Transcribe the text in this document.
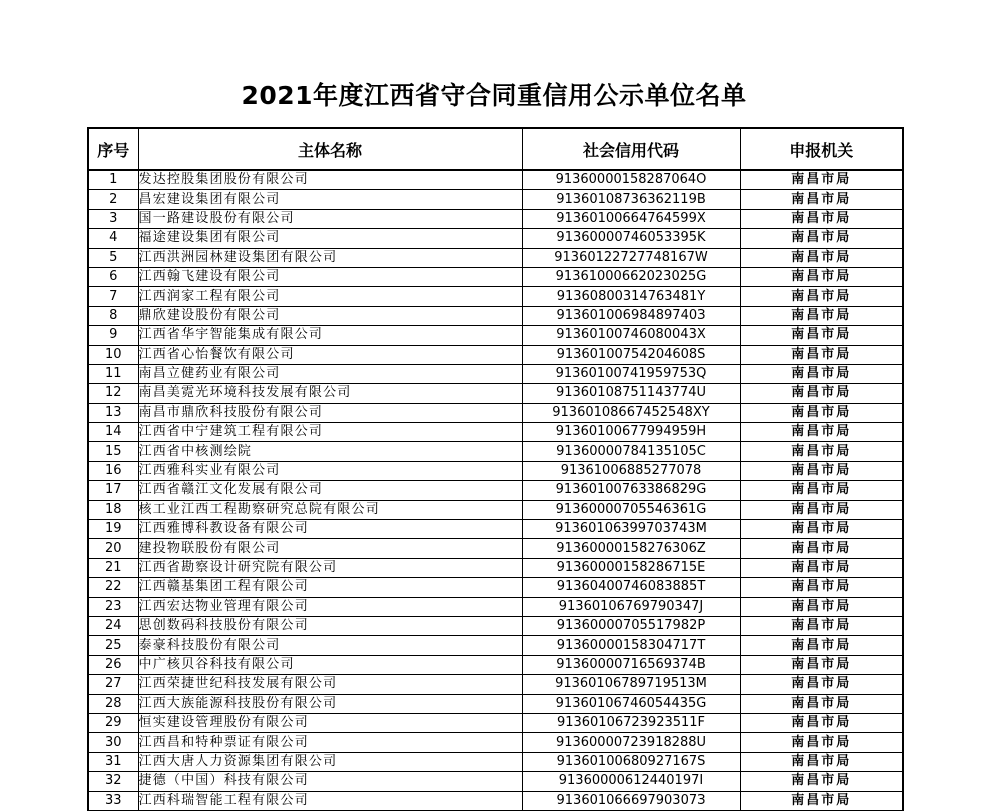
2021年度江西省守合同重信用公示单位名单
序号	主体名称	社会信用代码	申报机关
1	发达控股集团股份有限公司	91360000158287064O	南昌市局
2	昌宏建设集团有限公司	91360108736362119B	南昌市局
3	国一路建设股份有限公司	91360100664764599X	南昌市局
4	福途建设集团有限公司	91360000746053395K	南昌市局
5	江西洪洲园林建设集团有限公司	91360122727748167W	南昌市局
6	江西翰飞建设有限公司	91361000662023025G	南昌市局
7	江西润家工程有限公司	91360800314763481Y	南昌市局
8	鼎欣建设股份有限公司	91360100698489740З	南昌市局
9	江西省华宇智能集成有限公司	91360100746080043X	南昌市局
10	江西省心怡餐饮有限公司	91360100754204608S	南昌市局
11	南昌立健药业有限公司	91360100741959753Q	南昌市局
12	南昌美霓光环境科技发展有限公司	91360108751143774U	南昌市局
13	南昌市鼎欣科技股份有限公司	91360108667452548XY	南昌市局
14	江西省中宁建筑工程有限公司	91360100677994959H	南昌市局
15	江西省中核测绘院	91360000784135105C	南昌市局
16	江西雅科实业有限公司	91361006885277078	南昌市局
17	江西省赣江文化发展有限公司	91360100763386829G	南昌市局
18	核工业江西工程勘察研究总院有限公司	91360000705546361G	南昌市局
19	江西雅博科教设备有限公司	91360106399703743M	南昌市局
20	建投物联股份有限公司	91360000158276306Z	南昌市局
21	江西省勘察设计研究院有限公司	91360000158286715E	南昌市局
22	江西赣基集团工程有限公司	91360400746083885T	南昌市局
23	江西宏达物业管理有限公司	91360106769790347J	南昌市局
24	思创数码科技股份有限公司	91360000705517982P	南昌市局
25	泰豪科技股份有限公司	91360000158304717T	南昌市局
26	中广核贝谷科技有限公司	91360000716569374B	南昌市局
27	江西荣捷世纪科技发展有限公司	91360106789719513M	南昌市局
28	江西大族能源科技股份有限公司	91360106746054435G	南昌市局
29	恒实建设管理股份有限公司	91360106723923511F	南昌市局
30	江西昌和特种票证有限公司	91360000723918288U	南昌市局
31	江西大唐人力资源集团有限公司	91360100680927167S	南昌市局
32	捷德（中国）科技有限公司	91360000612440197I	南昌市局
33	江西科瑞智能工程有限公司	91360106669790307З	南昌市局
